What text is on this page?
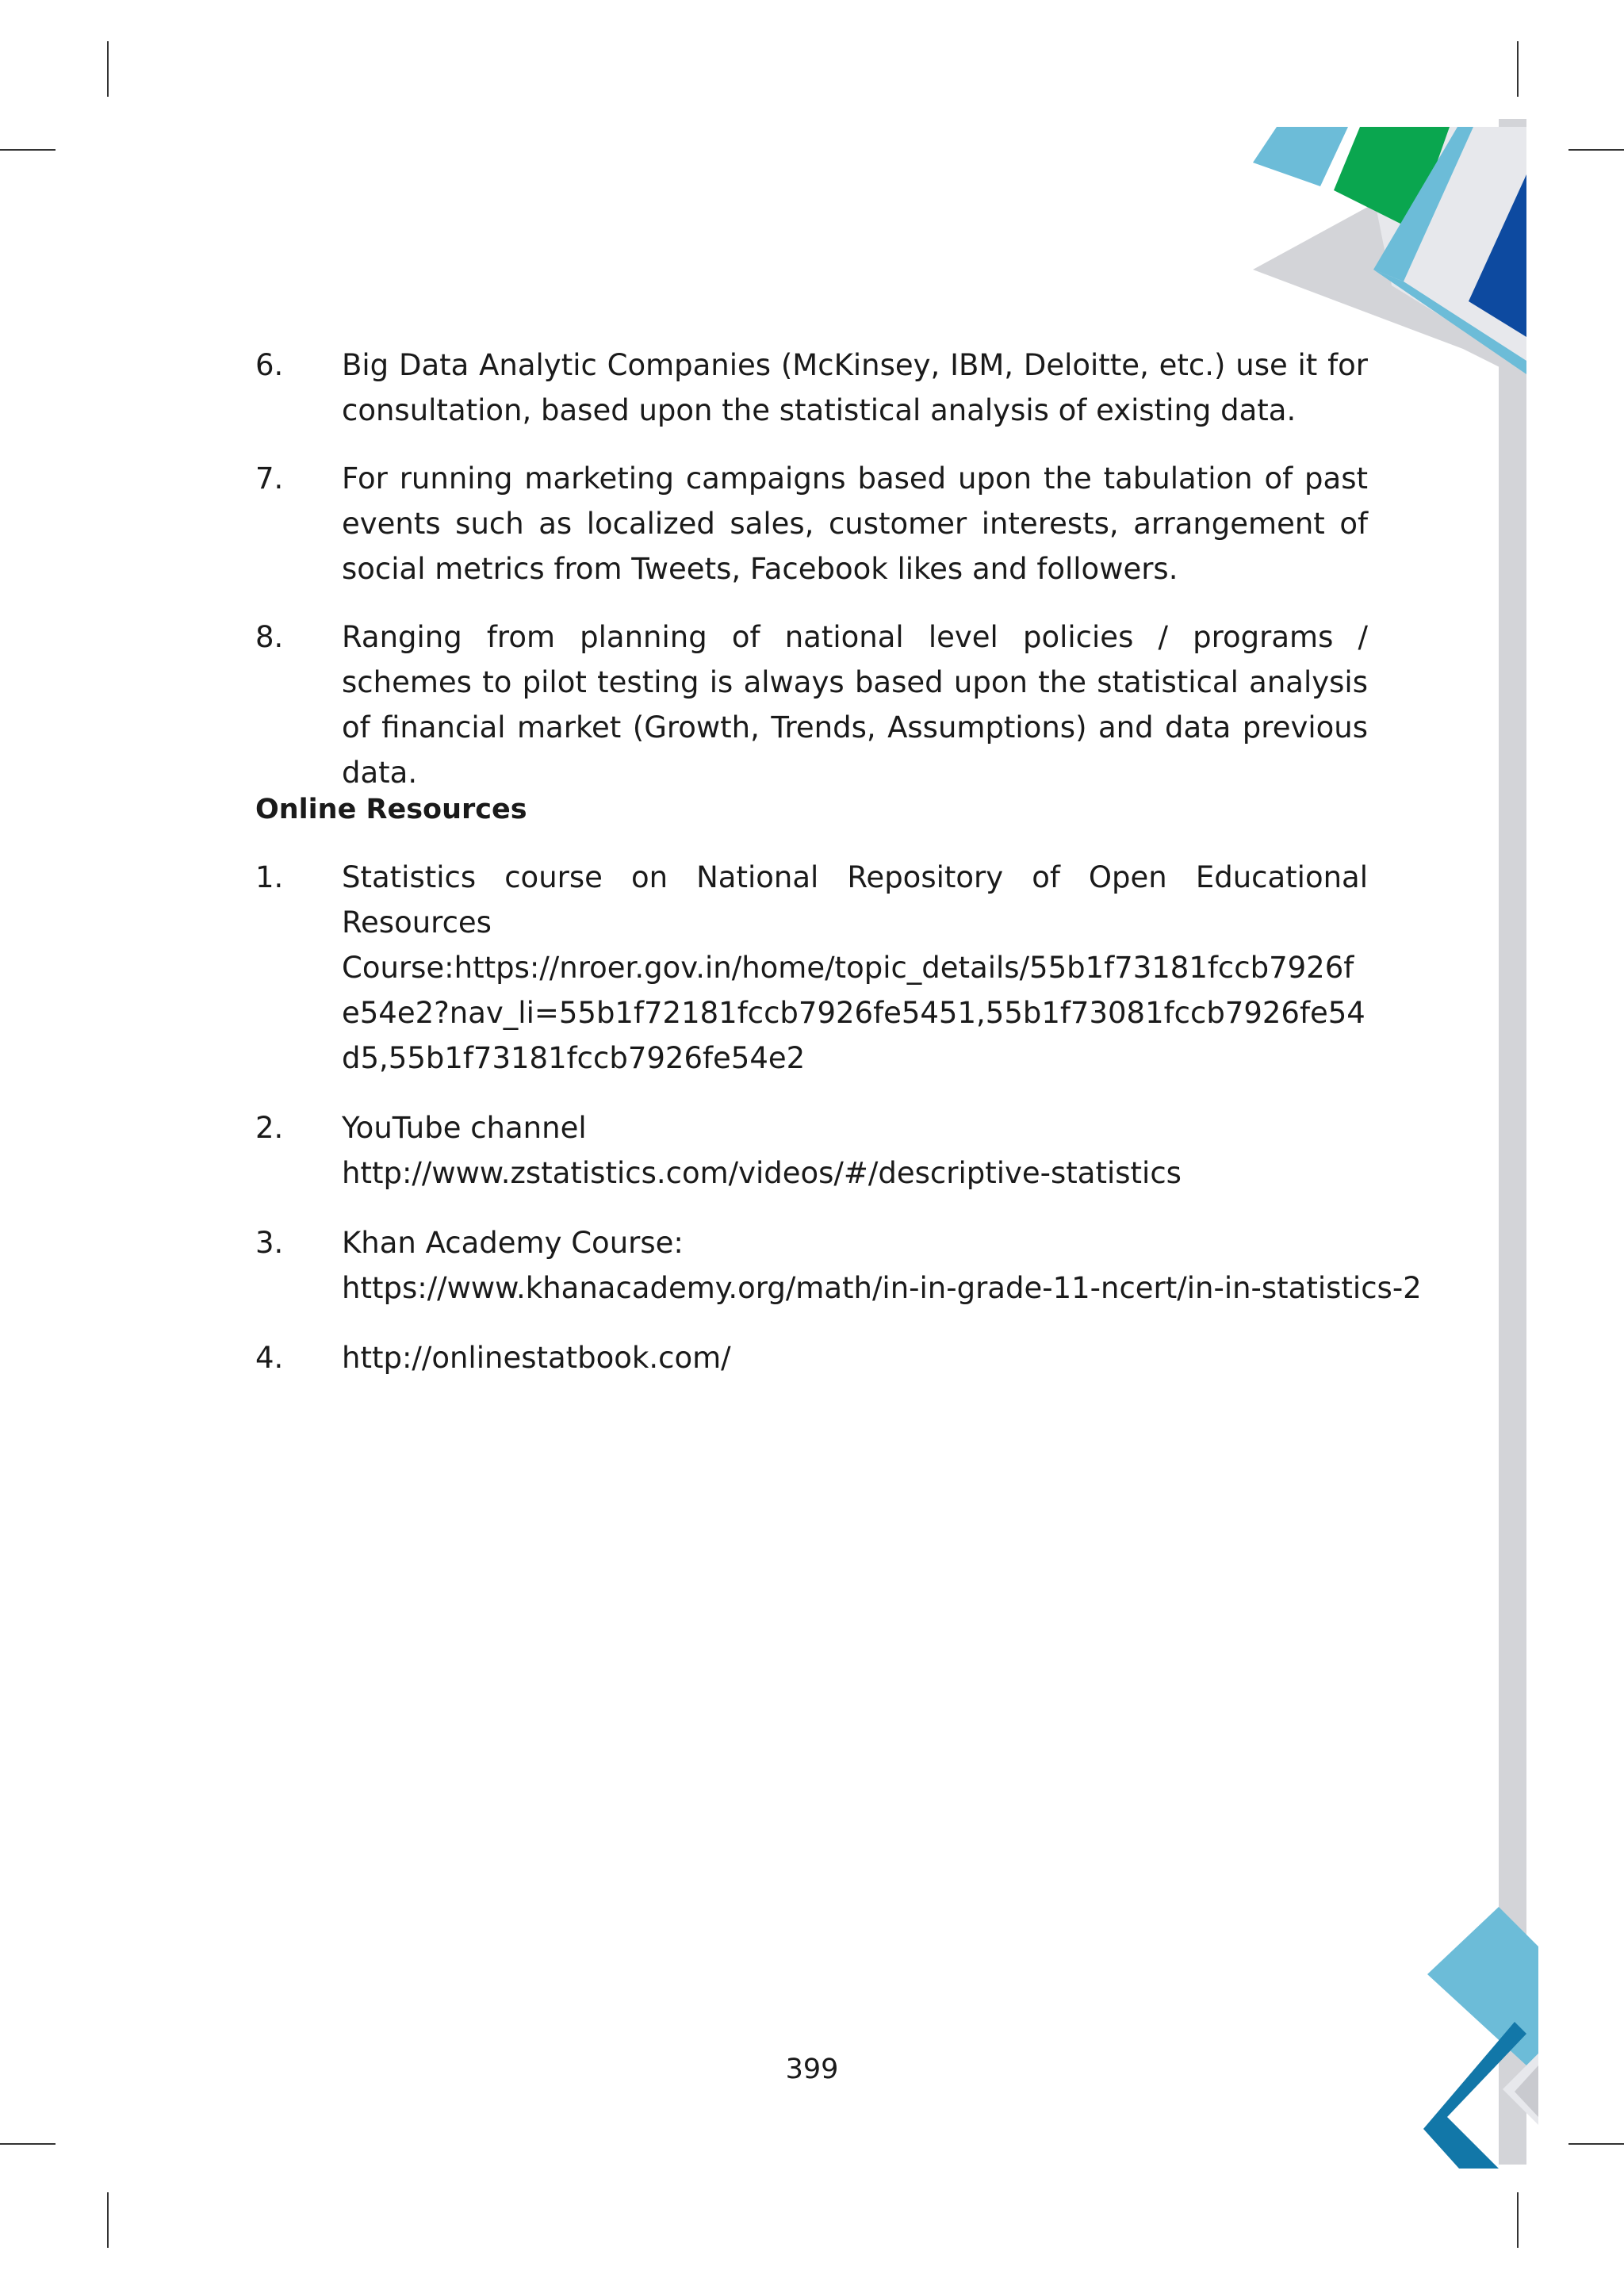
6. Big Data Analytic Companies (McKinsey, IBM, Deloitte, etc.) use it for consultation, based upon the statistical analysis of existing data.
7. For running marketing campaigns based upon the tabulation of past events such as localized sales, customer interests, arrangement of social metrics from Tweets, Facebook likes and followers.
8. Ranging from planning of national level policies / programs / schemes to pilot testing is always based upon the statistical analysis of financial market (Growth, Trends, Assumptions) and data previous data.
Online Resources
1. Statistics course on National Repository of Open Educational Resources
Course:https://nroer.gov.in/home/topic_details/55b1f73181fccb7926fe54e2?nav_li=55b1f72181fccb7926fe5451,55b1f73081fccb7926fe54d5,55b1f73181fccb7926fe54e2
2. YouTube channel
http://www.zstatistics.com/videos/#/descriptive-statistics
3. Khan Academy Course:
https://www.khanacademy.org/math/in-in-grade-11-ncert/in-in-statistics-2
4. http://onlinestatbook.com/
399
